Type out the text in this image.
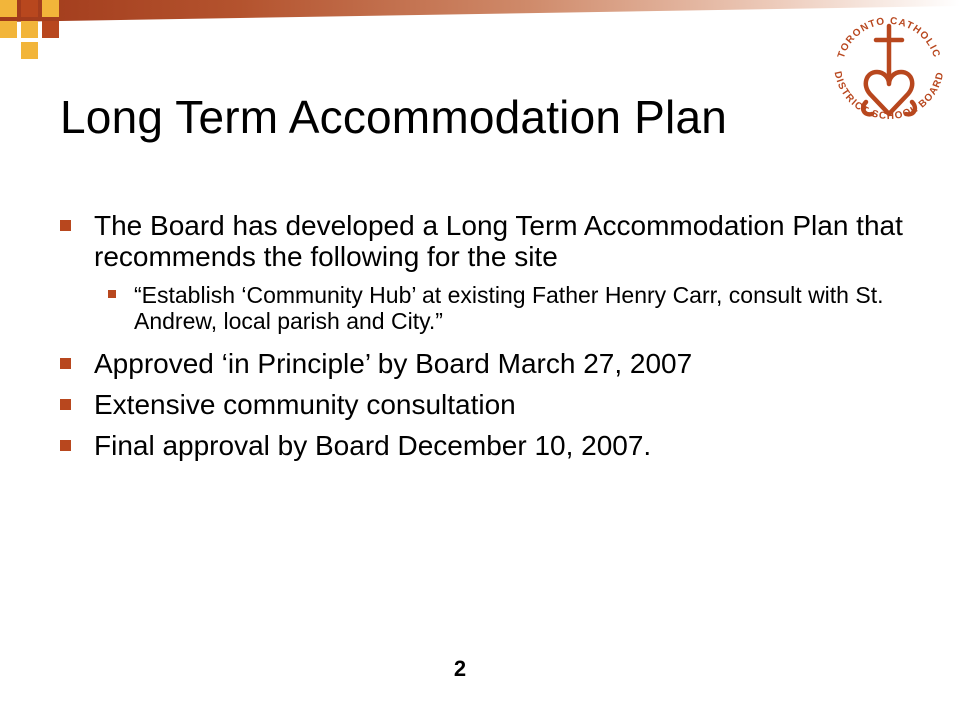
TORONTO CATHOLIC
DISTRICT SCHOOL BOARD
Long Term Accommodation Plan
The Board has developed a Long Term Accommodation Plan that recommends the following for the site
“Establish ‘Community Hub’ at existing Father Henry Carr, consult with St. Andrew, local parish and City.”
Approved ‘in Principle’ by Board March 27, 2007
Extensive community consultation
Final approval by Board December 10, 2007.
2
